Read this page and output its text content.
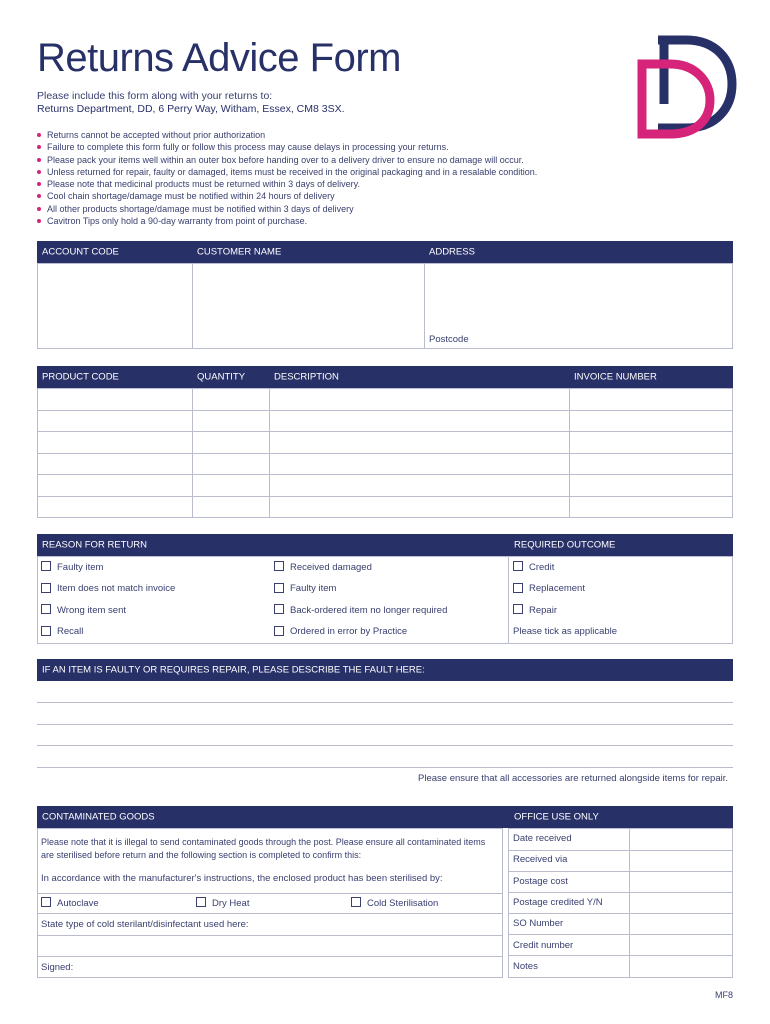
Returns Advice Form
Please include this form along with your returns to:
Returns Department, DD, 6 Perry Way, Witham, Essex, CM8 3SX.
Returns cannot be accepted without prior authorization
Failure to complete this form fully or follow this process may cause delays in processing your returns.
Please pack your items well within an outer box before handing over to a delivery driver to ensure no damage will occur.
Unless returned for repair, faulty or damaged, items must be received in the original packaging and in a resalable condition.
Please note that medicinal products must be returned within 3 days of delivery.
Cool chain shortage/damage must be notified within 24 hours of delivery
All other products shortage/damage must be notified within 3 days of delivery
Cavitron Tips only hold a 90-day warranty from point of purchase.
ACCOUNT CODE	CUSTOMER NAME	ADDRESS
Postcode
PRODUCT CODE	QUANTITY	DESCRIPTION	INVOICE NUMBER
REASON FOR RETURN	REQUIRED OUTCOME
Faulty item
Item does not match invoice
Wrong item sent
Recall
Received damaged
Faulty item
Back-ordered item no longer required
Ordered in error by Practice
Credit
Replacement
Repair
Please tick as applicable
IF AN ITEM IS FAULTY OR REQUIRES REPAIR, PLEASE DESCRIBE THE FAULT HERE:
Please ensure that all accessories are returned alongside items for repair.
CONTAMINATED GOODS	OFFICE USE ONLY
Please note that it is illegal to send contaminated goods through the post. Please ensure all contaminated items are sterilised before return and the following section is completed to confirm this:
In accordance with the manufacturer's instructions, the enclosed product has been sterilised by:
Autoclave	Dry Heat	Cold Sterilisation
State type of cold sterilant/disinfectant used here:
Signed:
Date received
Received via
Postage cost
Postage credited Y/N
SO Number
Credit number
Notes
MF8
